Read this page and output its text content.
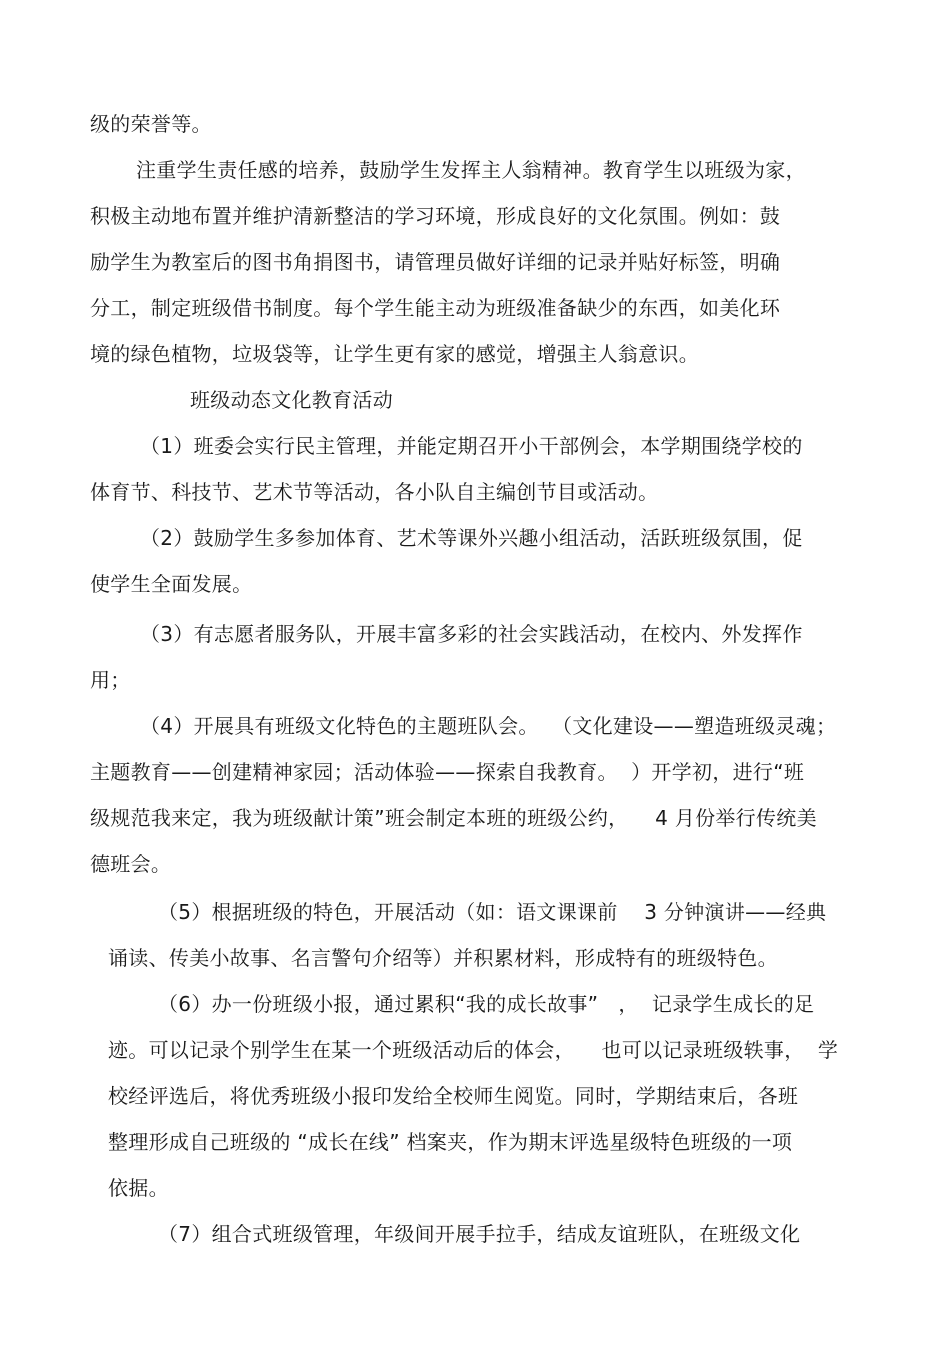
级的荣誉等。
注重学生责任感的培养，鼓励学生发挥主人翁精神。教育学生以班级为家，
积极主动地布置并维护清新整洁的学习环境，形成良好的文化氛围。例如：鼓
励学生为教室后的图书角捐图书，请管理员做好详细的记录并贴好标签，明确
分工，制定班级借书制度。每个学生能主动为班级准备缺少的东西，如美化环
境的绿色植物，垃圾袋等，让学生更有家的感觉，增强主人翁意识。
班级动态文化教育活动
（1）班委会实行民主管理，并能定期召开小干部例会，本学期围绕学校的
体育节、科技节、艺术节等活动，各小队自主编创节目或活动。
（2）鼓励学生多参加体育、艺术等课外兴趣小组活动，活跃班级氛围，促
使学生全面发展。
（3）有志愿者服务队，开展丰富多彩的社会实践活动，在校内、外发挥作
用；
（4）开展具有班级文化特色的主题班队会。  （文化建设——塑造班级灵魂；
主题教育——创建精神家园；活动体验——探索自我教育。  ）开学初，进行“班
级规范我来定，我为班级献计策”班会制定本班的班级公约，    4 月份举行传统美
德班会。
（5）根据班级的特色，开展活动（如：语文课课前    3 分钟演讲——经典
诵读、传美小故事、名言警句介绍等）并积累材料，形成特有的班级特色。
（6）办一份班级小报，通过累积“我的成长故事”   ，  记录学生成长的足
迹。可以记录个别学生在某一个班级活动后的体会，    也可以记录班级轶事，  学
校经评选后，将优秀班级小报印发给全校师生阅览。同时，学期结束后，各班
整理形成自己班级的 “成长在线” 档案夹，作为期末评选星级特色班级的一项
依据。
（7）组合式班级管理，年级间开展手拉手，结成友谊班队，在班级文化
